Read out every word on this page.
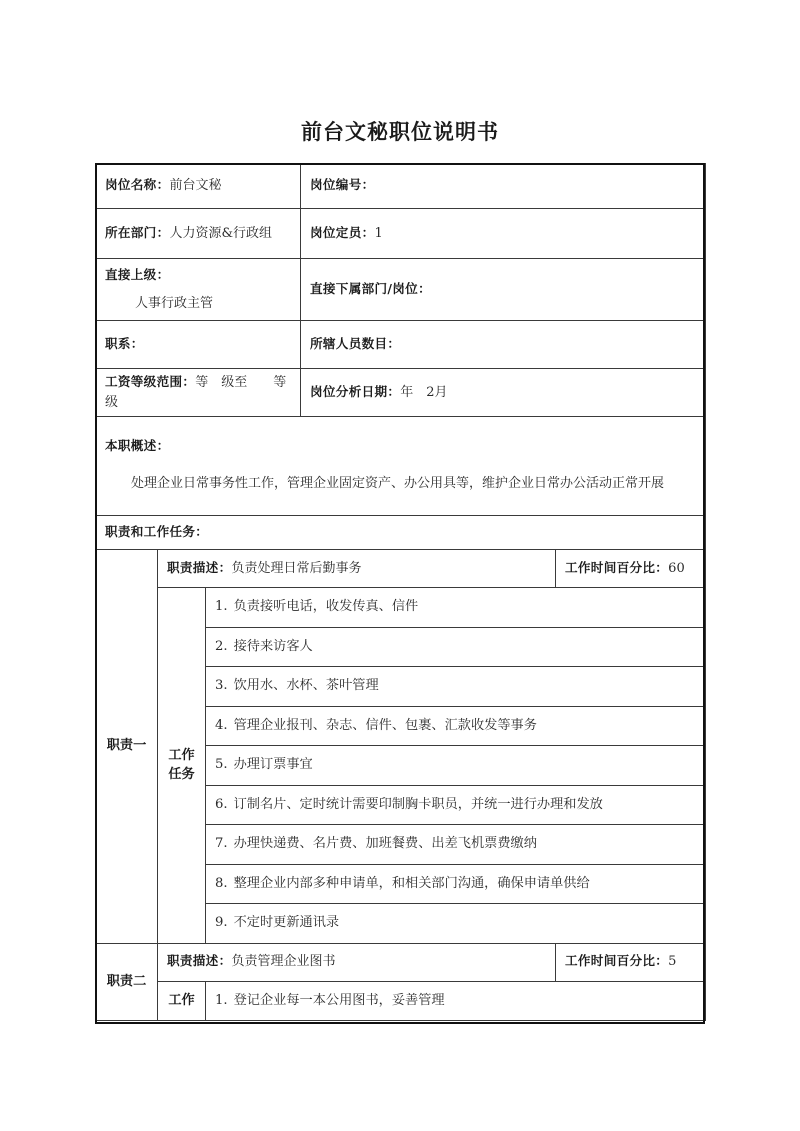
前台文秘职位说明书
岗位名称：前台文秘			岗位编号：	
所在部门：人力资源&行政组			岗位定员：1	
直接上级：
人事行政主管			直接下属部门/岗位：	
职系：			所辖人员数目：	
工资等级范围：等　级至　　等　级			岗位分析日期：年　2月	
本职概述：
处理企业日常事务性工作，管理企业固定资产、办公用具等，维护企业日常办公活动正常开展				

职责和工作任务：				
职责一	职责描述：负责处理日常后勤事务			工作时间百分比：60

	工作
任务	1. 负责接听电话，收发传真、信件		
		2. 接待来访客人		
		3. 饮用水、水杯、茶叶管理		
		4. 管理企业报刊、杂志、信件、包裹、汇款收发等事务		
		5. 办理订票事宜		
		6. 订制名片、定时统计需要印制胸卡职员，并统一进行办理和发放		
		7. 办理快递费、名片费、加班餐费、出差飞机票费缴纳		
		8. 整理企业内部多种申请单，和相关部门沟通，确保申请单供给		
		9. 不定时更新通讯录		
职责二	职责描述：负责管理企业图书			工作时间百分比：5

	工作	1. 登记企业每一本公用图书，妥善管理		
